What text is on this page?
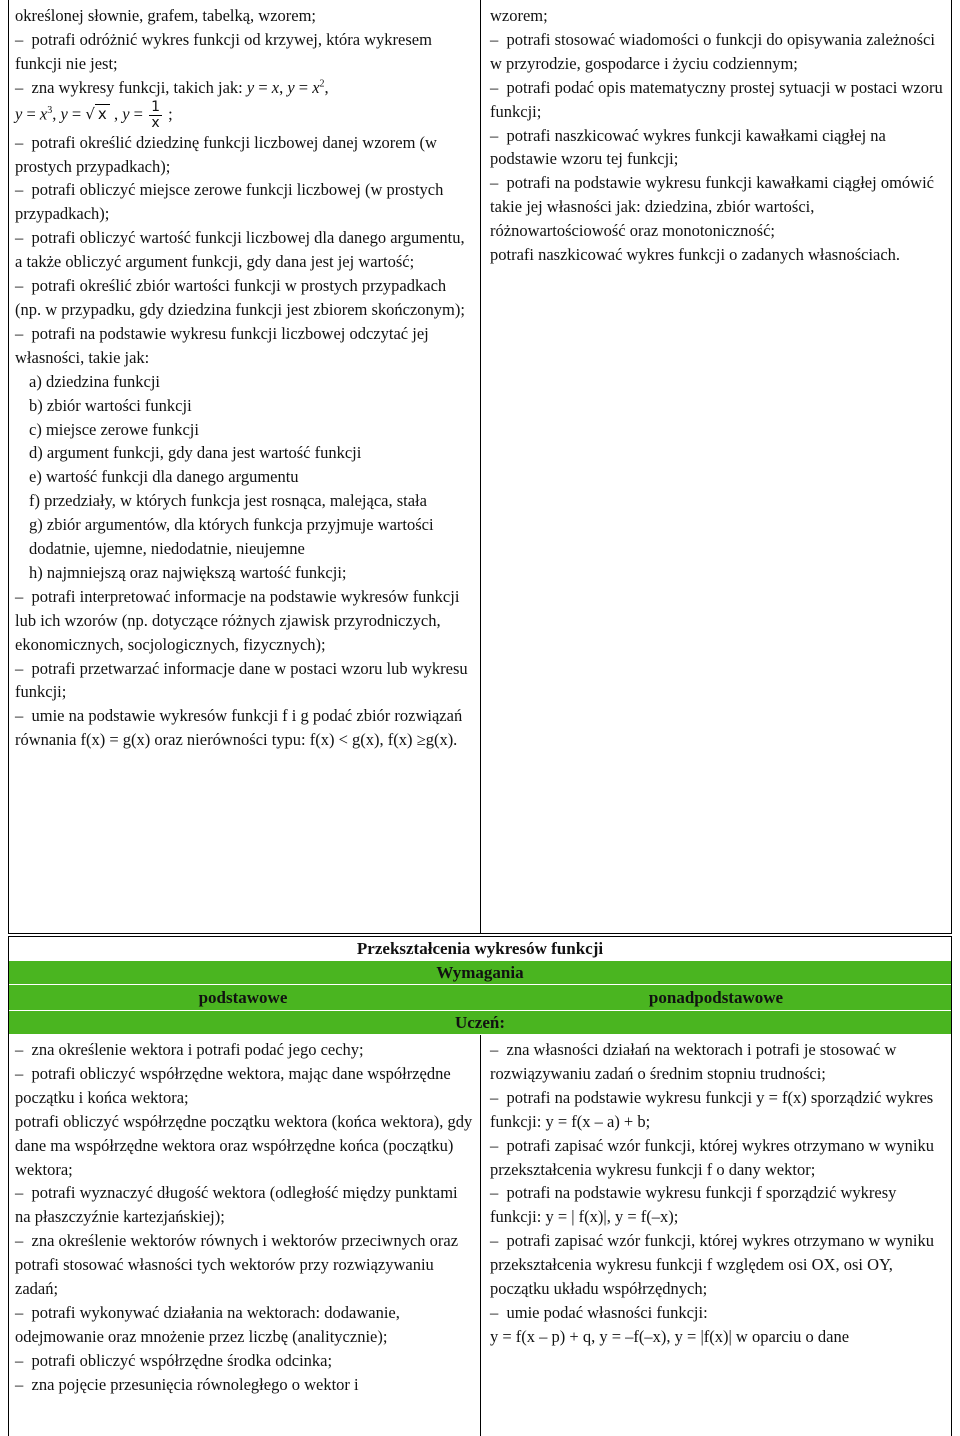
określonej słownie, grafem, tabelką, wzorem;

–  potrafi odróżnić wykres funkcji od krzywej, która wykresem funkcji nie jest;

–  zna wykresy funkcji, takich jak: y = x, $y = x^2$,

$y = x^3$, y = √ x , $y = \frac{1}{x}$ ;

–  potrafi określić dziedzinę funkcji liczbowej danej wzorem (w prostych przypadkach);

–  potrafi obliczyć miejsce zerowe funkcji liczbowej (w prostych przypadkach);

–  potrafi obliczyć wartość funkcji liczbowej dla danego argumentu, a także obliczyć argument funkcji, gdy dana jest jej wartość;

–  potrafi określić zbiór wartości funkcji w prostych przypadkach (np. w przypadku, gdy dziedzina funkcji jest zbiorem skończonym);

–  potrafi na podstawie wykresu funkcji liczbowej odczytać jej własności, takie jak:

a) dziedzina funkcji

b) zbiór wartości funkcji

c) miejsce zerowe funkcji

d) argument funkcji, gdy dana jest wartość funkcji

e) wartość funkcji dla danego argumentu

f) przedziały, w których funkcja jest rosnąca, malejąca, stała

g) zbiór argumentów, dla których funkcja przyjmuje wartości dodatnie, ujemne, niedodatnie, nieujemne

h) najmniejszą oraz największą wartość funkcji;

–  potrafi interpretować informacje na podstawie wykresów funkcji lub ich wzorów (np. dotyczące różnych zjawisk przyrodniczych, ekonomicznych, socjologicznych, fizycznych);

–  potrafi przetwarzać informacje dane w postaci wzoru lub wykresu funkcji;

–  umie na podstawie wykresów funkcji f i g podać zbiór rozwiązań równania f(x) = g(x) oraz nierówności typu: f(x) < g(x), f(x) ≥g(x).

wzorem;

–  potrafi stosować wiadomości o funkcji do opisywania zależności w przyrodzie, gospodarce i życiu codziennym;

–  potrafi podać opis matematyczny prostej sytuacji w postaci wzoru funkcji;

–  potrafi naszkicować wykres funkcji kawałkami ciągłej na podstawie wzoru tej funkcji;

–  potrafi na podstawie wykresu funkcji kawałkami ciągłej omówić takie jej własności jak: dziedzina, zbiór wartości, różnowartościowość oraz monotoniczność;

potrafi naszkicować wykres funkcji o zadanych własnościach.

Przekształcenia wykresów funkcji
Wymagania
podstawowe	ponadpodstawowe
Uczeń:

–  zna określenie wektora i potrafi podać jego cechy;

–  potrafi obliczyć współrzędne wektora, mając dane współrzędne początku i końca wektora;

potrafi obliczyć współrzędne początku wektora (końca wektora), gdy dane ma współrzędne wektora oraz współrzędne końca (początku) wektora;

–  potrafi wyznaczyć długość wektora (odległość między punktami na płaszczyźnie kartezjańskiej);

–  zna określenie wektorów równych i wektorów przeciwnych oraz potrafi stosować własności tych wektorów przy rozwiązywaniu zadań;

–  potrafi wykonywać działania na wektorach: dodawanie, odejmowanie oraz mnożenie przez liczbę (analitycznie);

–  potrafi obliczyć współrzędne środka odcinka;

–  zna pojęcie przesunięcia równoległego o wektor i

–  zna własności działań na wektorach i potrafi je stosować w rozwiązywaniu zadań o średnim stopniu trudności;

–  potrafi na podstawie wykresu funkcji y = f(x) sporządzić wykres funkcji: y = f(x – a) + b;

–  potrafi zapisać wzór funkcji, której wykres otrzymano w wyniku przekształcenia wykresu funkcji f o dany wektor;

–  potrafi na podstawie wykresu funkcji f sporządzić wykresy funkcji: y = | f(x)|, y = f(–x);

–  potrafi zapisać wzór funkcji, której wykres otrzymano w wyniku przekształcenia wykresu funkcji f względem osi OX, osi OY, początku układu współrzędnych;

–  umie podać własności funkcji:

y = f(x – p) + q, y = –f(–x), y = |f(x)| w oparciu o dane
